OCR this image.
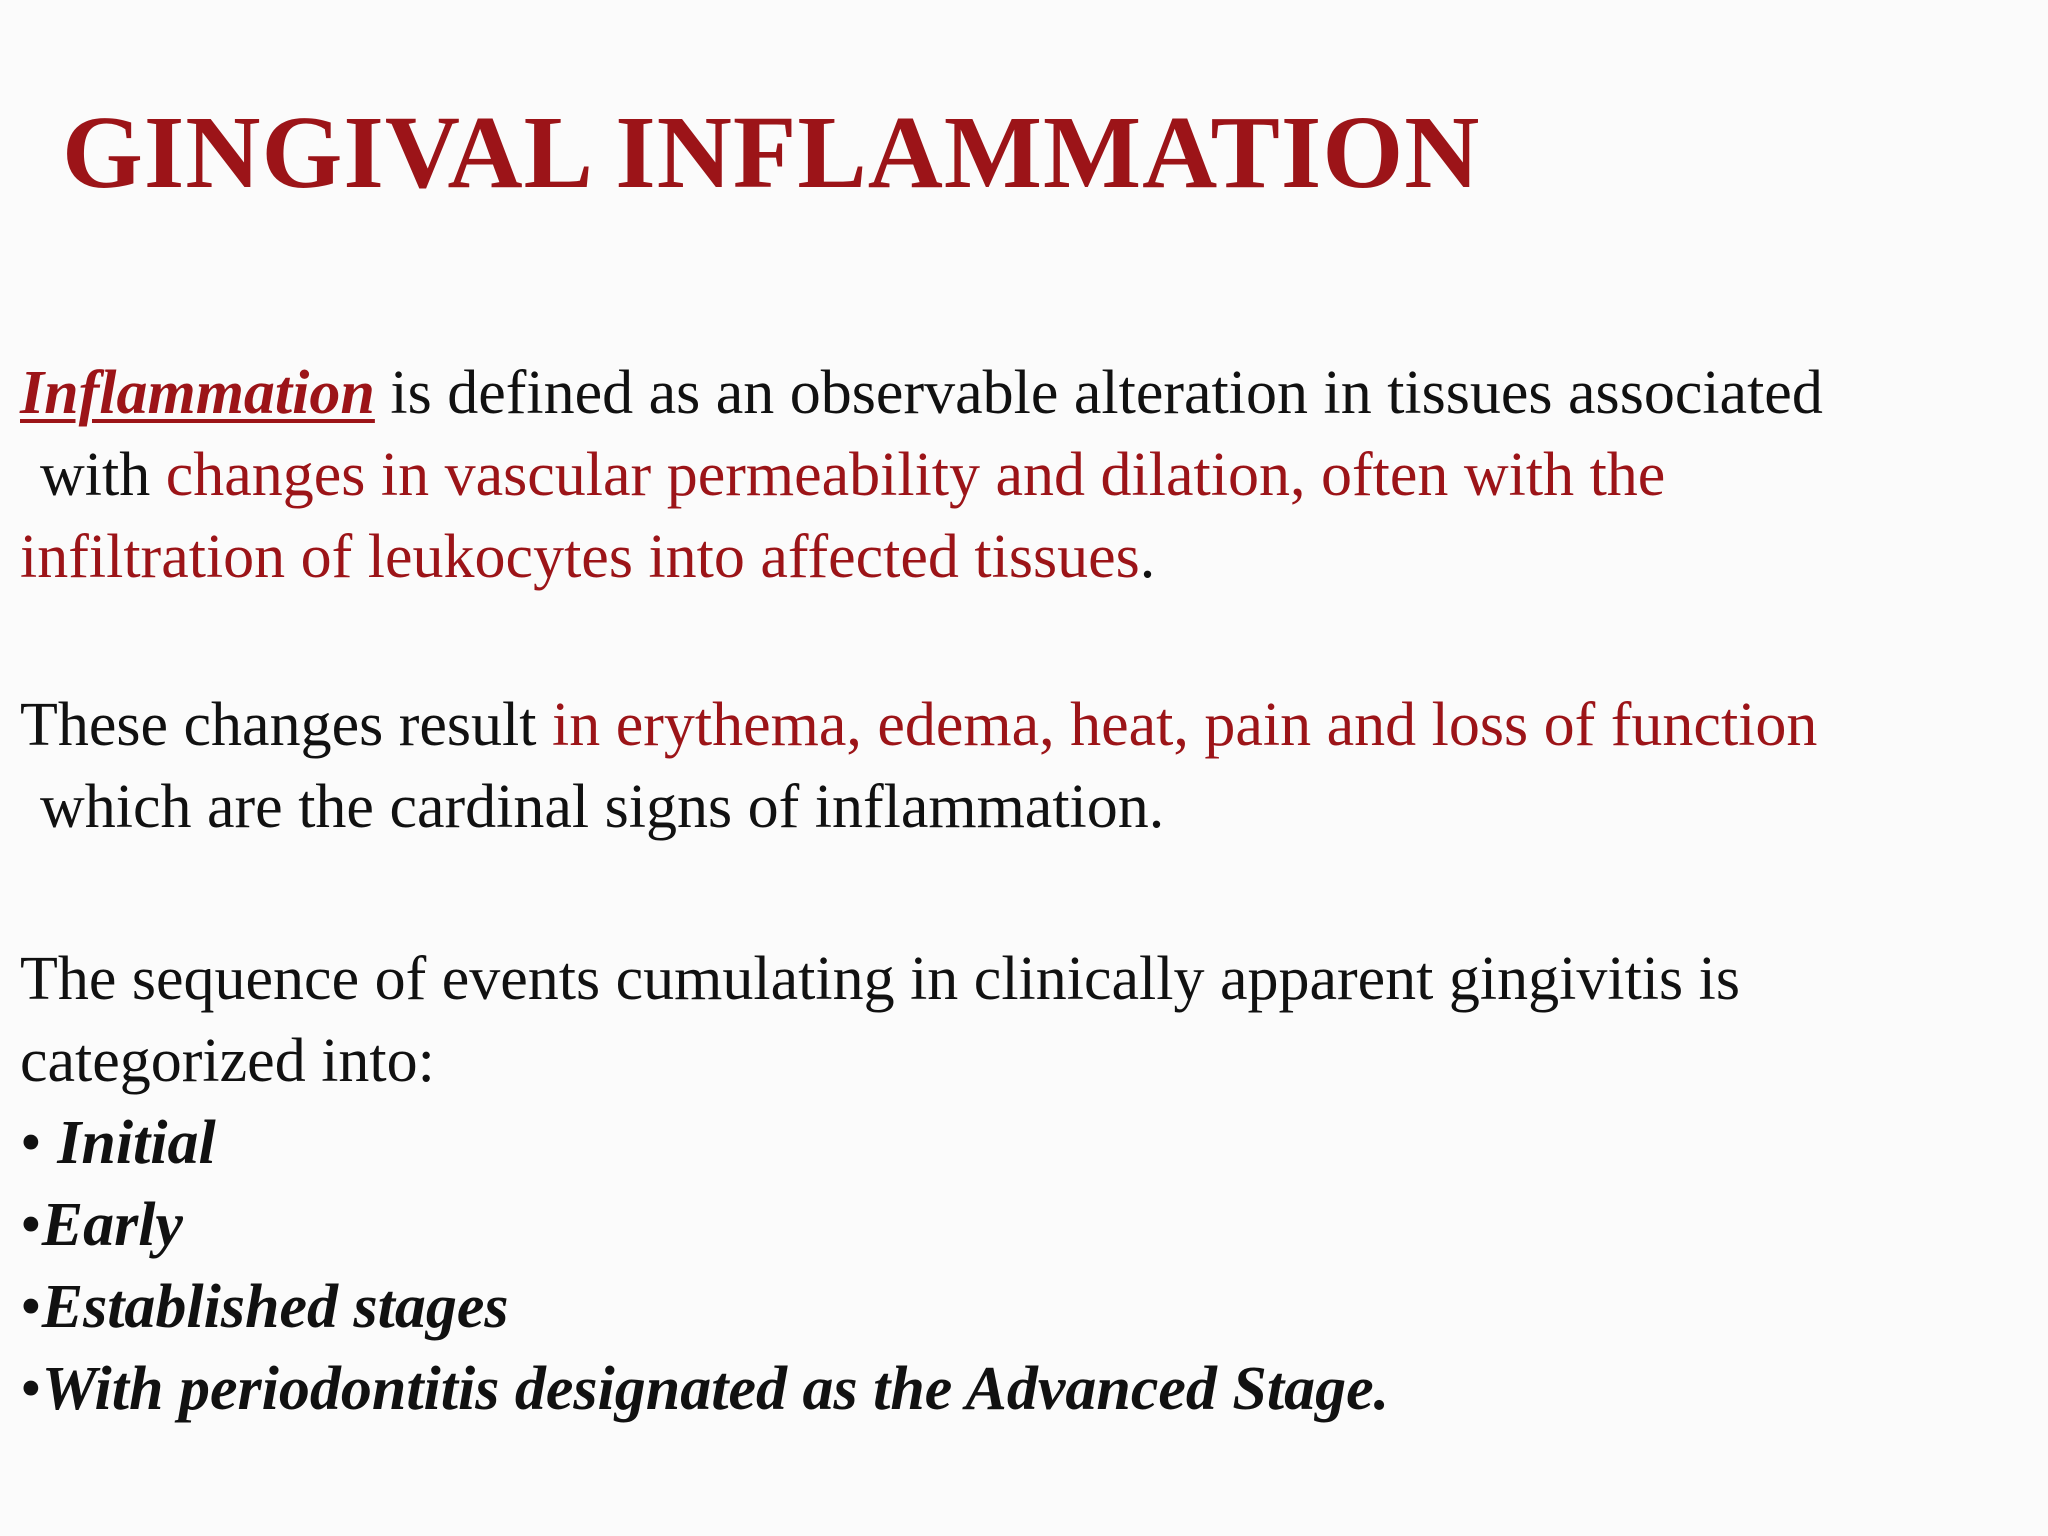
GINGIVAL INFLAMMATION

Inflammation is defined as an observable alteration in tissues associated
with changes in vascular permeability and dilation, often with the
infiltration of leukocytes into affected tissues.

These changes result in erythema, edema, heat, pain and loss of function
which are the cardinal signs of inflammation.

The sequence of events cumulating in clinically apparent gingivitis is
categorized into:

• Initial
•Early
•Established stages
•With periodontitis designated as the Advanced Stage.
